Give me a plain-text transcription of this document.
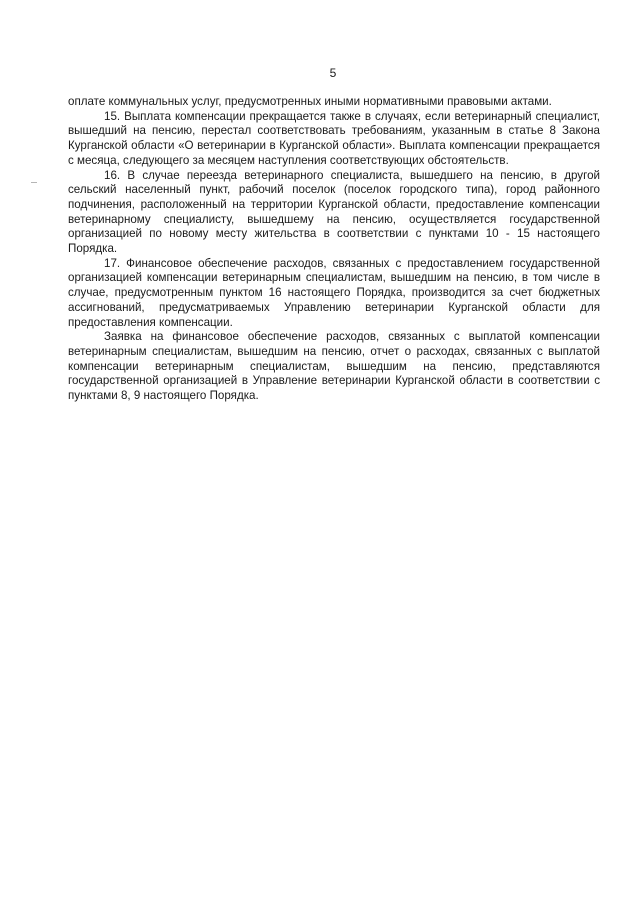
5

оплате коммунальных услуг, предусмотренных иными нормативными правовыми актами.

15. Выплата компенсации прекращается также в случаях, если ветеринарный специалист, вышедший на пенсию, перестал соответствовать требованиям, указанным в статье 8 Закона Курганской области «О ветеринарии в Курганской области». Выплата компенсации прекращается с месяца, следующего за месяцем наступления соответствующих обстоятельств.

16. В случае переезда ветеринарного специалиста, вышедшего на пенсию, в другой сельский населенный пункт, рабочий поселок (поселок городского типа), город районного подчинения, расположенный на территории Курганской области, предоставление компенсации ветеринарному специалисту, вышедшему на пенсию, осуществляется государственной организацией по новому месту жительства в соответствии с пунктами 10 - 15 настоящего Порядка.

17. Финансовое обеспечение расходов, связанных с предоставлением государственной организацией компенсации ветеринарным специалистам, вышедшим на пенсию, в том числе в случае, предусмотренным пунктом 16 настоящего Порядка, производится за счет бюджетных ассигнований, предусматриваемых Управлению ветеринарии Курганской области для предоставления компенсации.

Заявка на финансовое обеспечение расходов, связанных с выплатой компенсации ветеринарным специалистам, вышедшим на пенсию, отчет о расходах, связанных с выплатой компенсации ветеринарным специалистам, вышедшим на пенсию, представляются государственной организацией в Управление ветеринарии Курганской области в соответствии с пунктами 8, 9 настоящего Порядка.
